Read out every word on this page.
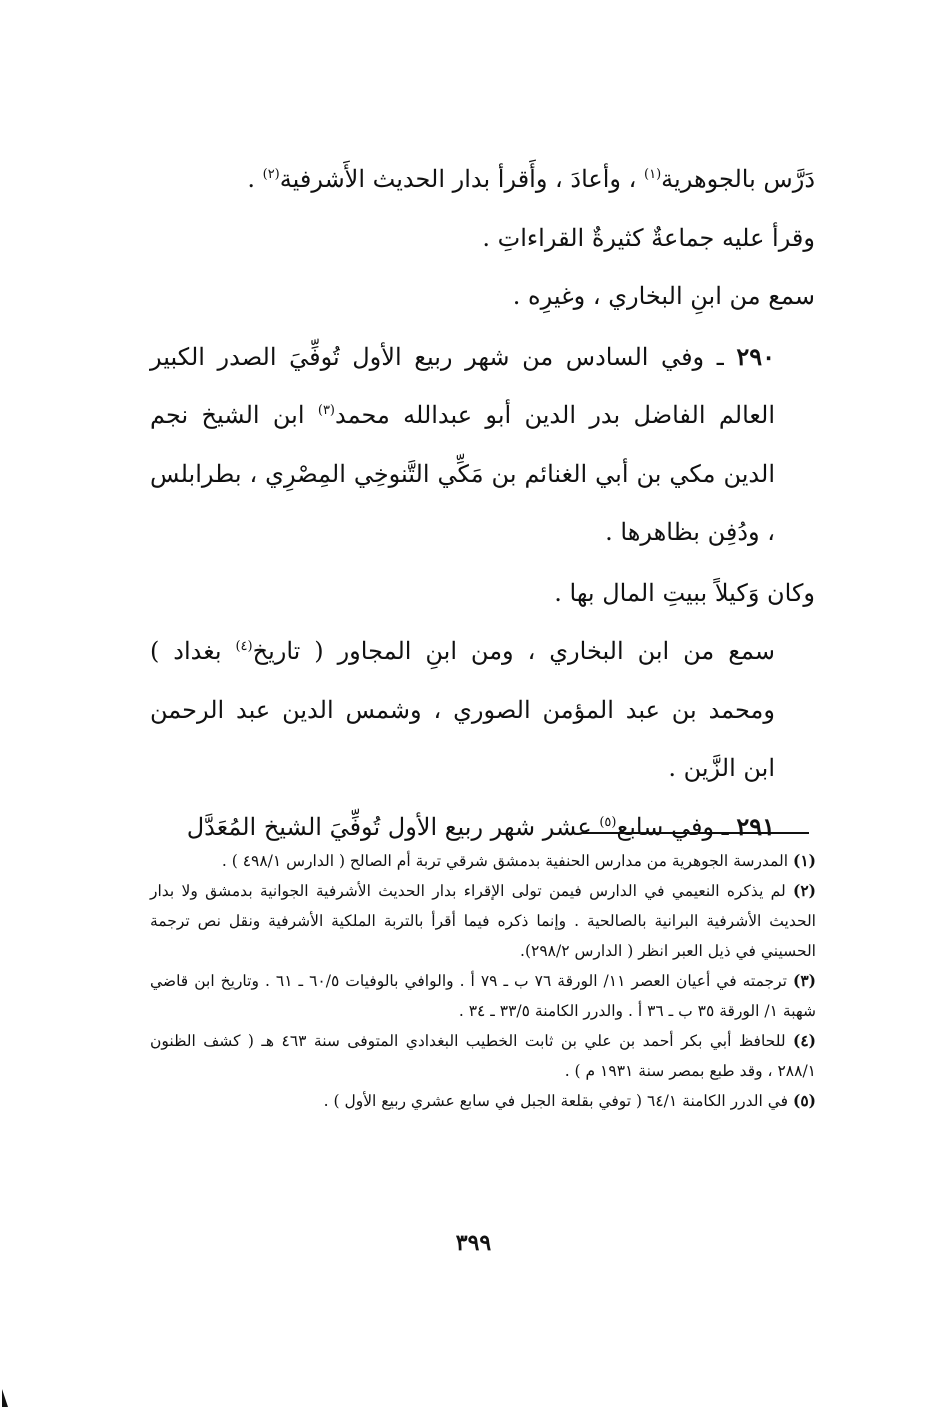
دَرَّس بالجوهرية$^{(١)}$ ، وأعادَ ، وأَقرأ بدار الحديث الأَشرفية$^{(٢)}$ .

وقرأ عليه جماعةٌ كثيرةٌ القراءاتِ .

سمع من ابنِ البخاري ، وغيرِه .

٢٩٠ ـ وفي السادس من شهر ربيع الأول تُوفِّيَ الصدر الكبير العالم الفاضل بدر الدين أبو عبدالله محمد$^{(٣)}$ ابن الشيخ نجم الدين مكي بن أبي الغنائم بن مَكِّي التَّنوخِي المِصْرِي ، بطرابلس ، ودُفِن بظاهرها .

وكان وَكيلاً ببيتِ المال بها .

سمع من ابن البخاري ، ومن ابنِ المجاور ( تاريخ$^{(٤)}$ بغداد ) ومحمد بن عبد المؤمن الصوري ، وشمس الدين عبد الرحمن ابن الزَّين .

٢٩١ ـ وفي سابع$^{(٥)}$ عشر شهر ربيع الأول تُوفِّيَ الشيخ المُعَدَّل

(١) المدرسة الجوهرية من مدارس الحنفية بدمشق شرقي تربة أم الصالح ( الدارس ٤٩٨/١ ) .

(٢) لم يذكره النعيمي في الدارس فيمن تولى الإقراء بدار الحديث الأشرفية الجوانية بدمشق ولا بدار الحديث الأشرفية البرانية بالصالحية . وإنما ذكره فيما أقرأ بالتربة الملكية الأشرفية ونقل نص ترجمة الحسيني في ذيل العبر انظر ( الدارس ٢٩٨/٢).

(٣) ترجمته في أعيان العصر ١١/ الورقة ٧٦ ب ـ ٧٩ أ . والوافي بالوفيات ٦٠/٥ ـ ٦١ . وتاريخ ابن قاضي شهبة ١/ الورقة ٣٥ ب ـ ٣٦ أ . والدرر الكامنة ٣٣/٥ ـ ٣٤ .

(٤) للحافظ أبي بكر أحمد بن علي بن ثابت الخطيب البغدادي المتوفى سنة ٤٦٣ هـ ( كشف الظنون ٢٨٨/١ ، وقد طبع بمصر سنة ١٩٣١ م ) .

(٥) في الدرر الكامنة ٦٤/١ ( توفي بقلعة الجبل في سابع عشري ربيع الأول ) .

٣٩٩
